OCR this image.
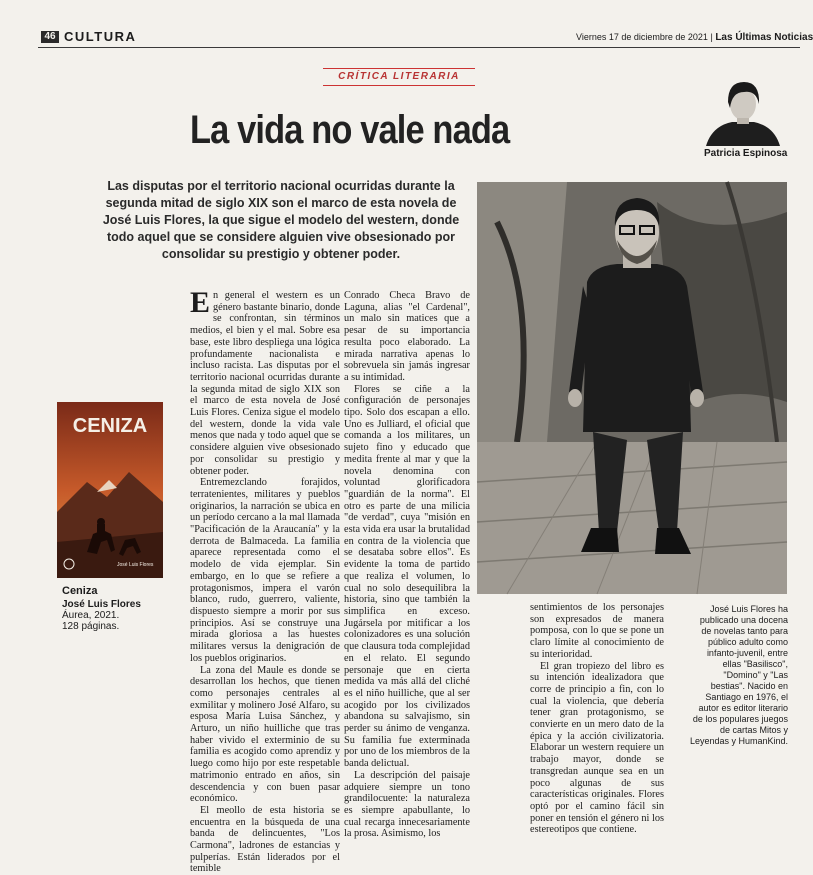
46 CULTURA	Viernes 17 de diciembre de 2021 | Las Últimas Noticias
CRÍTICA LITERARIA
La vida no vale nada
Patricia Espinosa
Las disputas por el territorio nacional ocurridas durante la segunda mitad de siglo XIX son el marco de esta novela de José Luis Flores, la que sigue el modelo del western, donde todo aquel que se considere alguien vive obsesionado por consolidar su prestigio y obtener poder.
CENIZA
José Luis Flores
Ceniza
José Luis Flores
Áurea, 2021.
128 páginas.

En general el western es un género bastante binario, donde se confrontan, sin términos medios, el bien y el mal. Sobre esa base, este libro despliega una lógica profundamente nacionalista e incluso racista. Las disputas por el territorio nacional ocurridas durante la segunda mitad de siglo XIX son el marco de esta novela de José Luis Flores. Ceniza sigue el modelo del western, donde la vida vale menos que nada y todo aquel que se considere alguien vive obsesionado por consolidar su prestigio y obtener poder.

Entremezclando forajidos, terratenientes, militares y pueblos originarios, la narración se ubica en un período cercano a la mal llamada "Pacificación de la Araucanía" y la derrota de Balmaceda. La familia aparece representada como el modelo de vida ejemplar. Sin embargo, en lo que se refiere a protagonismos, impera el varón blanco, rudo, guerrero, valiente, dispuesto siempre a morir por sus principios. Así se construye una mirada gloriosa a las huestes militares versus la denigración de los pueblos originarios.

La zona del Maule es donde se desarrollan los hechos, que tienen como personajes centrales al exmilitar y molinero José Alfaro, su esposa María Luisa Sánchez, y Arturo, un niño huilliche que tras haber vivido el exterminio de su familia es acogido como aprendiz y luego como hijo por este respetable matrimonio entrado en años, sin descendencia y con buen pasar económico.

El meollo de esta historia se encuentra en la búsqueda de una banda de delincuentes, "Los Carmona", ladrones de estancias y pulperías. Están liderados por el temible

Conrado Checa Bravo de Laguna, alias "el Cardenal", un malo sin matices que a pesar de su importancia resulta poco elaborado. La mirada narrativa apenas lo sobrevuela sin jamás ingresar a su intimidad.

Flores se ciñe a la configuración de personajes tipo. Solo dos escapan a ello. Uno es Julliard, el oficial que comanda a los militares, un sujeto fino y educado que medita frente al mar y que la novela denomina con voluntad glorificadora "guardián de la norma". El otro es parte de una milicia "de verdad", cuya "misión en esta vida era usar la brutalidad en contra de la violencia que se desataba sobre ellos". Es evidente la toma de partido que realiza el volumen, lo cual no solo desequilibra la historia, sino que también la simplifica en exceso. Jugársela por mitificar a los colonizadores es una solución que clausura toda complejidad en el relato. El segundo personaje que en cierta medida va más allá del cliché es el niño huilliche, que al ser acogido por los civilizados abandona su salvajismo, sin perder su ánimo de venganza. Su familia fue exterminada por uno de los miembros de la banda delictual.

La descripción del paisaje adquiere siempre un tono grandilocuente: la naturaleza es siempre apabullante, lo cual recarga innecesariamente la prosa. Asimismo, los

sentimientos de los personajes son expresados de manera pomposa, con lo que se pone un claro límite al conocimiento de su interioridad.

El gran tropiezo del libro es su intención idealizadora que corre de principio a fin, con lo cual la violencia, que debería tener gran protagonismo, se convierte en un mero dato de la épica y la acción civilizatoria. Elaborar un western requiere un trabajo mayor, donde se transgredan aunque sea en un poco algunas de sus características originales. Flores optó por el camino fácil sin poner en tensión el género ni los estereotipos que contiene.

José Luis Flores ha publicado una docena de novelas tanto para público adulto como infanto-juvenil, entre ellas "Basilisco", "Domino" y "Las bestias". Nacido en Santiago en 1976, el autor es editor literario de los populares juegos de cartas Mitos y Leyendas y HumanKind.
